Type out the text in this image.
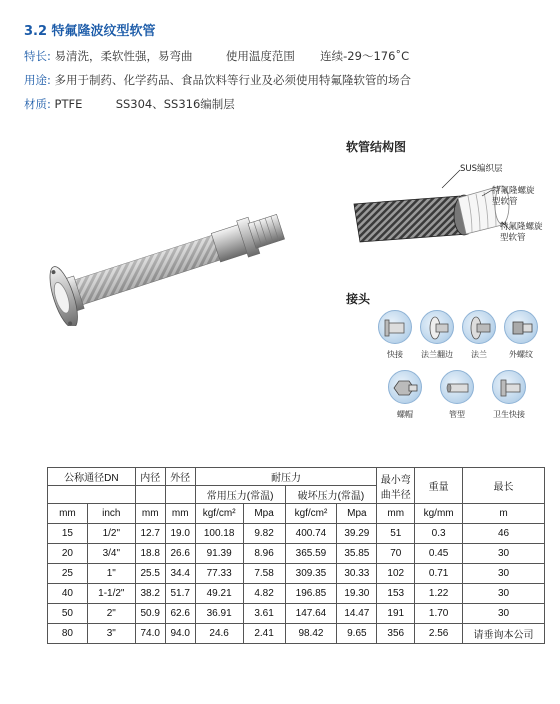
3.2 特氟隆波纹型软管
特长: 易清洗，柔软性强，易弯曲	使用温度范围 连续-29～176˚C
用途: 多用于制药、化学药品、食品饮料等行业及必须使用特氟隆软管的场合
材质: PTFE	SS304、SS316编制层
软管结构图
SUS编织层
特氟隆螺旋
型软管
特氟隆螺旋
型软管
接头
快接	法兰翻边	法兰	外螺纹
螺帽	管型	卫生快接
公称通径DN		内径	外径	耐压力				最小弯曲半径	重量	最长
				常用压力(常温)		破坏压力(常温)				
mm	inch	mm	mm	kgf/cm²	Mpa	kgf/cm²	Mpa	mm	kg/mm	m
15	1/2"	12.7	19.0	100.18	9.82	400.74	39.29	51	0.3	46
20	3/4"	18.8	26.6	91.39	8.96	365.59	35.85	70	0.45	30
25	1"	25.5	34.4	77.33	7.58	309.35	30.33	102	0.71	30
40	1-1/2"	38.2	51.7	49.21	4.82	196.85	19.30	153	1.22	30
50	2"	50.9	62.6	36.91	3.61	147.64	14.47	191	1.70	30
80	3"	74.0	94.0	24.6	2.41	98.42	9.65	356	2.56	请垂询本公司
